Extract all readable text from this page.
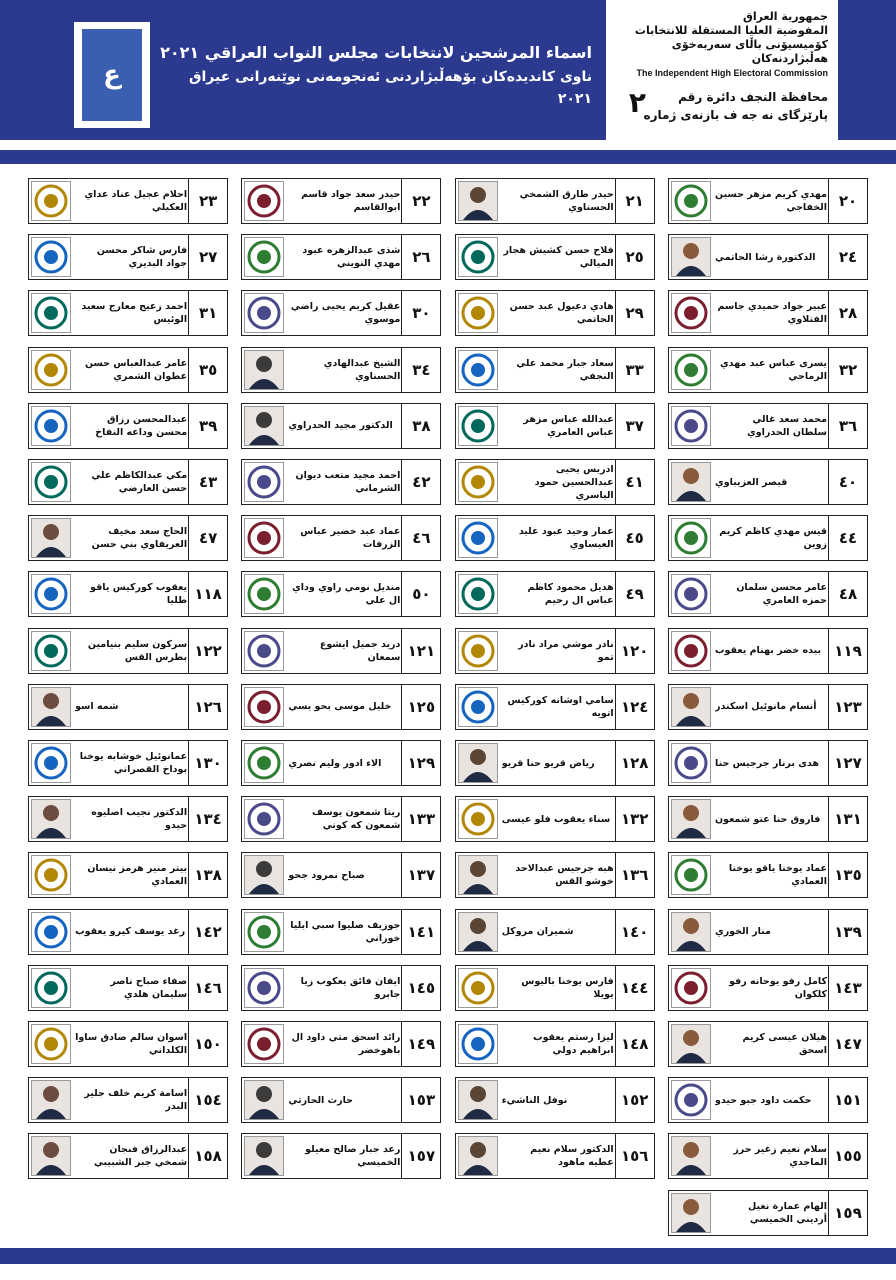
ع
اسماء المرشحين لانتخابات مجلس النواب العراقي ٢٠٢١
ناوی کاندیدەکان بۆهەڵبژاردنی ئەنجومەنی نوێنەرانی عیراق ٢٠٢١
جمهورية العراق
المفوضية العليا المستقلة للانتخابات
كۆمیسیۆنی باڵای سەربەخۆی هەڵبژاردنەکان
The Independent High Electoral Commission
محافظة النجف دائرة رقم
پارێزگای نه جه ف بازنەی ژمارە
٢
مهدي كريم مزهر حسين الخفاجي ٢٠
حيدر طارق الشمخي الحسناوي ٢١
حيدر سعد جواد قاسم ابوالقاسم ٢٢
احلام عجيل عناد عداي العكيلي ٢٣
الدكتورة رشا الحاتمي	٢٤
فلاح حسن كشيش هجار الميالي ٢٥
شذى عبدالزهره عبود مهدي النويني ٢٦
فارس شاكر محسن جواد البديري ٢٧
عبير جواد حميدي جاسم الفتلاوي ٢٨
هادي دعيول عبد حسن الحاتمي ٢٩
عقيل كريم يحيى راضي موسوي ٣٠
احمد زعيج معارج سعيد الوئيس ٣١
يسرى عباس عبد مهدي الرماحي ٣٢
سعاد جبار محمد علي النجفي ٣٣
الشيخ عبدالهادي الحسناوي ٣٤
عامر عبدالعباس حسن عطوان الشمري ٣٥
محمد سعد غالي سلطان الحدراوي ٣٦
عبدالله عباس مزهر عباس العامري ٣٧
الدكتور مجيد الحدراوي	٣٨
عبدالمحسن رزاق محسن وداعه النفاخ ٣٩
قيصر العزيباوي	٤٠
ادريس يحيى عبدالحسين حمود الياسري
٤١
احمد مجيد متعب ديوان الشرماني ٤٢
مكي عبدالكاظم علي حسن العارضي ٤٣
قيس مهدي كاظم كريم زوين ٤٤
عمار وحيد عبود عليد العيساوي ٤٥
عماد عبد خضير عباس الزرفات ٤٦
الحاج سعد مخيف العريفاوي بني حسن ٤٧
عامر محسن سلمان حمزه العامري ٤٨
هديل محمود كاظم عباس ال رحيم ٤٩
منديل نومي راوي وداي ال علي ٥٠
يعقوب كوركيس ياقو طليا ١١٨
بيده خضر بهنام يعقوب ١١٩
نادر موشي مراد نادر تمو ١٢٠
دريد جميل ايشوع سمعان ١٢١
سركون سليم بنيامين بطرس القس ١٢٢
أنسام مانوئيل اسكندر	١٢٣
سامي اوشانه كوركيس اتويه ١٢٤
خليل موسى بحو يسي	١٢٥
شمه اسو	١٢٦
هدى برنار جرجيس حنا	١٢٧
رياض قريو حنا قريو	١٢٨
الاء ادور وليم نصري	١٢٩
عمانوئيل خوشابه يوخنا بوداخ القصراني ١٣٠
فاروق حنا عتو شمعون ١٣١
سناء يعقوب فلو عيسى ١٣٢
ريتا شمعون يوسف شمعون كه كوني ١٣٣
الدكتور نجيب اصليوه حيدو ١٣٤
عماد يوخنا ياقو يوخنا العمادي ١٣٥
هبه جرجيس عبدالاحد خوشو القس ١٣٦
صباح نمرود جحو	١٣٧
بيتر منير هرمز نيسان العمادي ١٣٨
منار الخوري	١٣٩
شميران مروكل	١٤٠
جوزيف صليوا سبي ايليا خوراني ١٤١
رغد يوسف كيرو يعقوب ١٤٢
كامل رفو يوحانه رفو كلكوان ١٤٣
فارس يوخنا باليوس يويلا ١٤٤
ايفان فائق يعكوب زيا جابرو ١٤٥
صفاء صباح ناصر سليمان هلدي ١٤٦
هيلان عيسى كريم اسحق ١٤٧
ليزا رستم يعقوب ابراهيم دولي ١٤٨
رائد اسحق متي داود ال باهوخضر ١٤٩
اسوان سالم صادق ساوا الكلداني ١٥٠
حكمت داود جبو حيدو	١٥١
نوفل الناشيء	١٥٢
حارث الحارثي	١٥٣
اسامة كريم خلف جلير البدر ١٥٤
سلام نعيم زغير حرز الماجدي ١٥٥
الدكتور سلام نعيم عطيه ماهود ١٥٦
رعد جبار صالح معيلو الخميسي ١٥٧
عبدالرزاق فنجان شمخي جبر الشبيبي ١٥٨
الهام عمارة نغيل أرديني الخميسي ١٥٩
